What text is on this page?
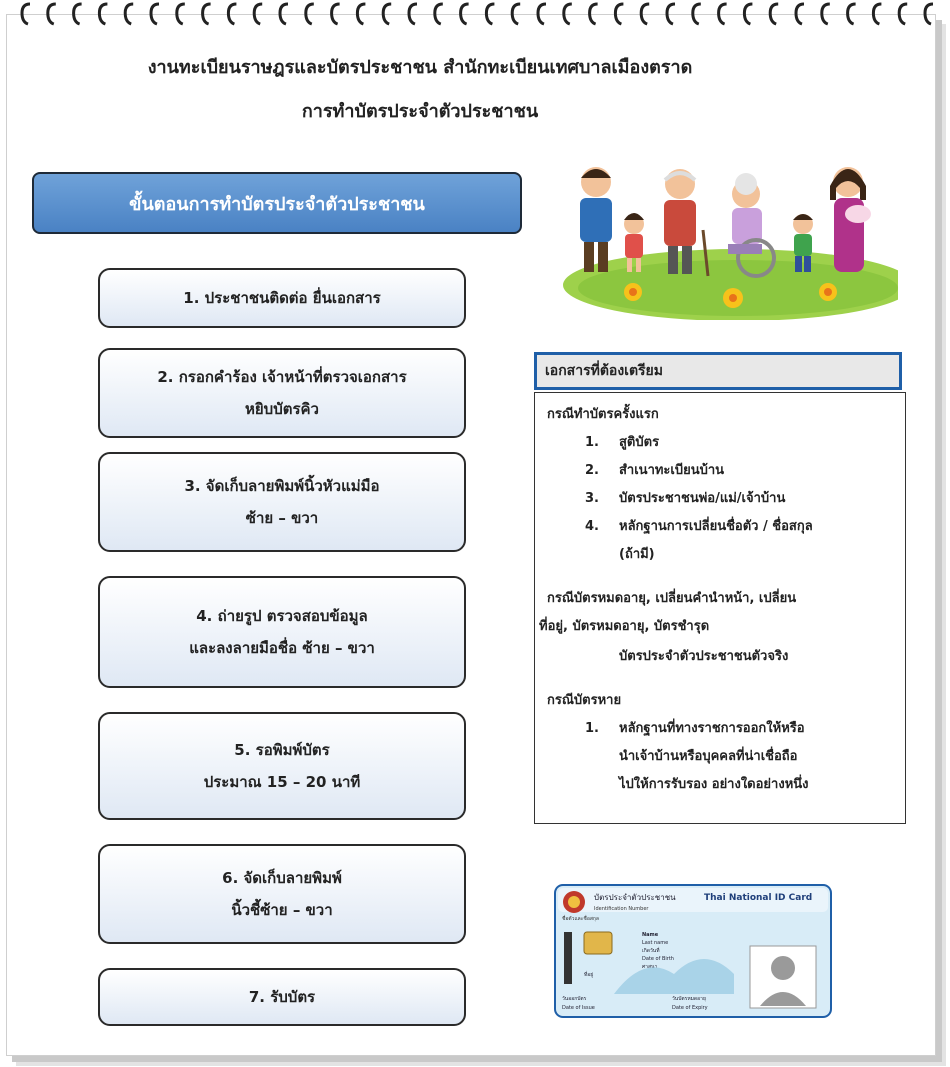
งานทะเบียนราษฎรและบัตรประชาชน สำนักทะเบียนเทศบาลเมืองตราด
การทำบัตรประจำตัวประชาชน
ขั้นตอนการทำบัตรประจำตัวประชาชน
1. ประชาชนติดต่อ ยื่นเอกสาร
2. กรอกคำร้อง เจ้าหน้าที่ตรวจเอกสาร
หยิบบัตรคิว
3. จัดเก็บลายพิมพ์นิ้วหัวแม่มือ
ซ้าย – ขวา
4. ถ่ายรูป ตรวจสอบข้อมูล
และลงลายมือชื่อ ซ้าย – ขวา
5. รอพิมพ์บัตร
ประมาณ 15 – 20 นาที
6. จัดเก็บลายพิมพ์
นิ้วชี้ซ้าย – ขวา
7. รับบัตร
เอกสารที่ต้องเตรียม
กรณีทำบัตรครั้งแรก
1. สูติบัตร
2. สำเนาทะเบียนบ้าน
3. บัตรประชาชนพ่อ/แม่/เจ้าบ้าน
4. หลักฐานการเปลี่ยนชื่อตัว / ชื่อสกุล
(ถ้ามี)
กรณีบัตรหมดอายุ, เปลี่ยนคำนำหน้า, เปลี่ยน
ที่อยู่, บัตรหมดอายุ, บัตรชำรุด
บัตรประจำตัวประชาชนตัวจริง
กรณีบัตรหาย
1. หลักฐานที่ทางราชการออกให้หรือ
นำเจ้าบ้านหรือบุคคลที่น่าเชื่อถือ
ไปให้การรับรอง อย่างใดอย่างหนึ่ง
บัตรประจำตัวประชาชน	Thai National ID Card
Identification Number
ชื่อตัวและชื่อสกุล
Name
Last name
เกิดวันที่
Date of Birth
ศาสนา
ที่อยู่
วันออกบัตร
Date of Issue
วันบัตรหมดอายุ
Date of Expiry
